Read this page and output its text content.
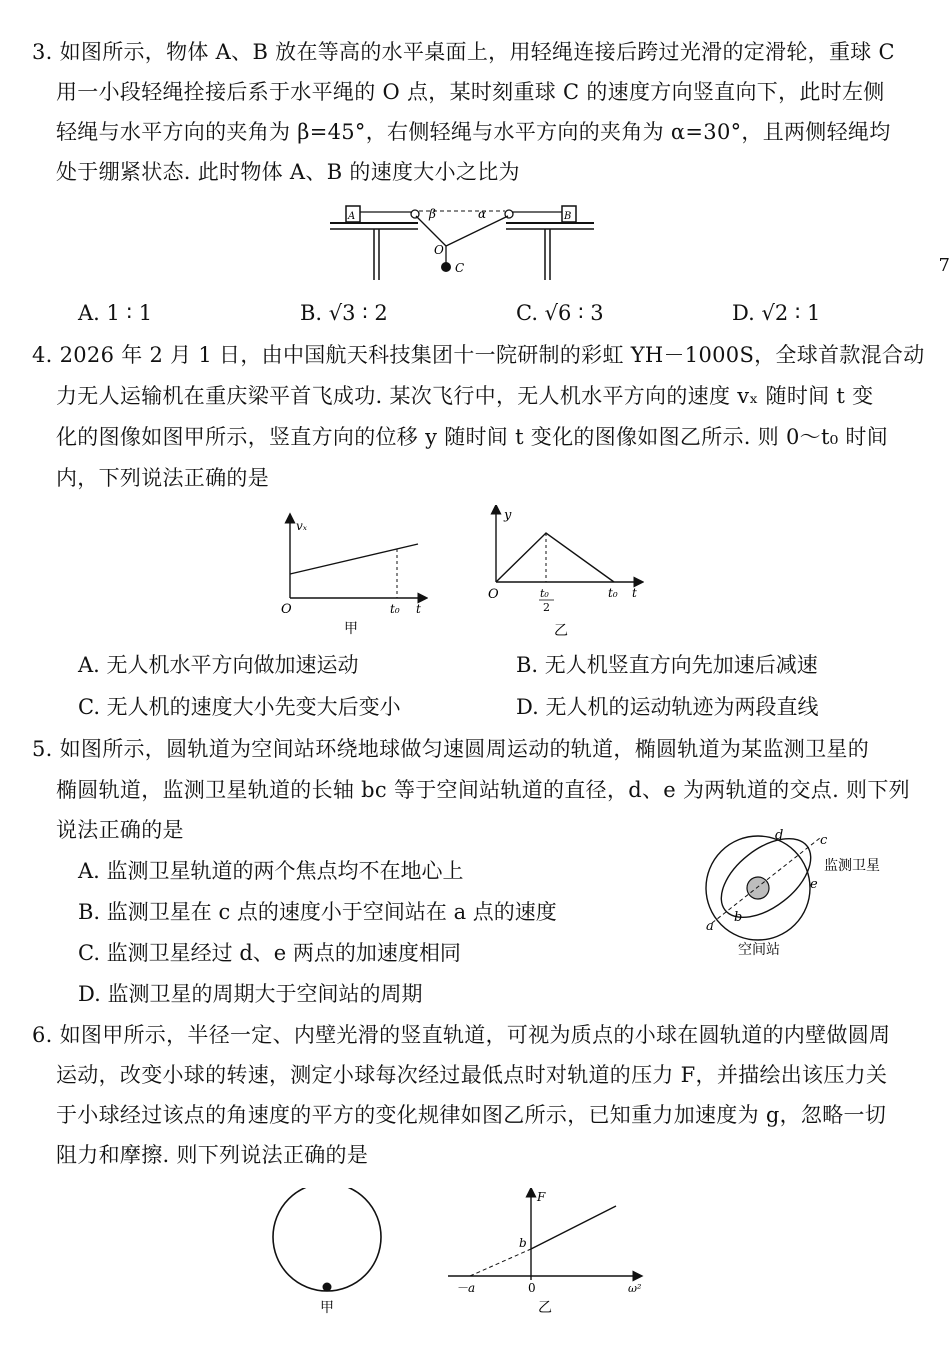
3. 如图所示，物体 A、B 放在等高的水平桌面上，用轻绳连接后跨过光滑的定滑轮，重球 C
用一小段轻绳拴接后系于水平绳的 O 点，某时刻重球 C 的速度方向竖直向下，此时左侧
轻绳与水平方向的夹角为 β=45°，右侧轻绳与水平方向的夹角为 α=30°，且两侧轻绳均
处于绷紧状态. 此时物体 A、B 的速度大小之比为
β	α
O
C
A	B
7
A. 1 ∶ 1	B. √3 ∶ 2	C. √6 ∶ 3	D. √2 ∶ 1
4. 2026 年 2 月 1 日，由中国航天科技集团十一院研制的彩虹 YH－1000S，全球首款混合动
力无人运输机在重庆梁平首飞成功. 某次飞行中，无人机水平方向的速度 vₓ 随时间 t 变
化的图像如图甲所示，竖直方向的位移 y 随时间 t 变化的图像如图乙所示. 则 0～t₀ 时间
内，下列说法正确的是
vₓ
O	t₀ t
甲
y
O	t₀
2
t₀ t
乙
A. 无人机水平方向做加速运动	B. 无人机竖直方向先加速后减速
C. 无人机的速度大小先变大后变小	D. 无人机的运动轨迹为两段直线
5. 如图所示，圆轨道为空间站环绕地球做匀速圆周运动的轨道，椭圆轨道为某监测卫星的
椭圆轨道，监测卫星轨道的长轴 bc 等于空间站轨道的直径，d、e 为两轨道的交点. 则下列
说法正确的是
A. 监测卫星轨道的两个焦点均不在地心上
B. 监测卫星在 c 点的速度小于空间站在 a 点的速度
C. 监测卫星经过 d、e 两点的加速度相同
D. 监测卫星的周期大于空间站的周期
d	c
e
b
a
监测卫星
空间站
6. 如图甲所示，半径一定、内壁光滑的竖直轨道，可视为质点的小球在圆轨道的内壁做圆周
运动，改变小球的转速，测定小球每次经过最低点时对轨道的压力 F，并描绘出该压力关
于小球经过该点的角速度的平方的变化规律如图乙所示，已知重力加速度为 g，忽略一切
阻力和摩擦. 则下列说法正确的是
甲
F
b
－a	0	ω²
乙
